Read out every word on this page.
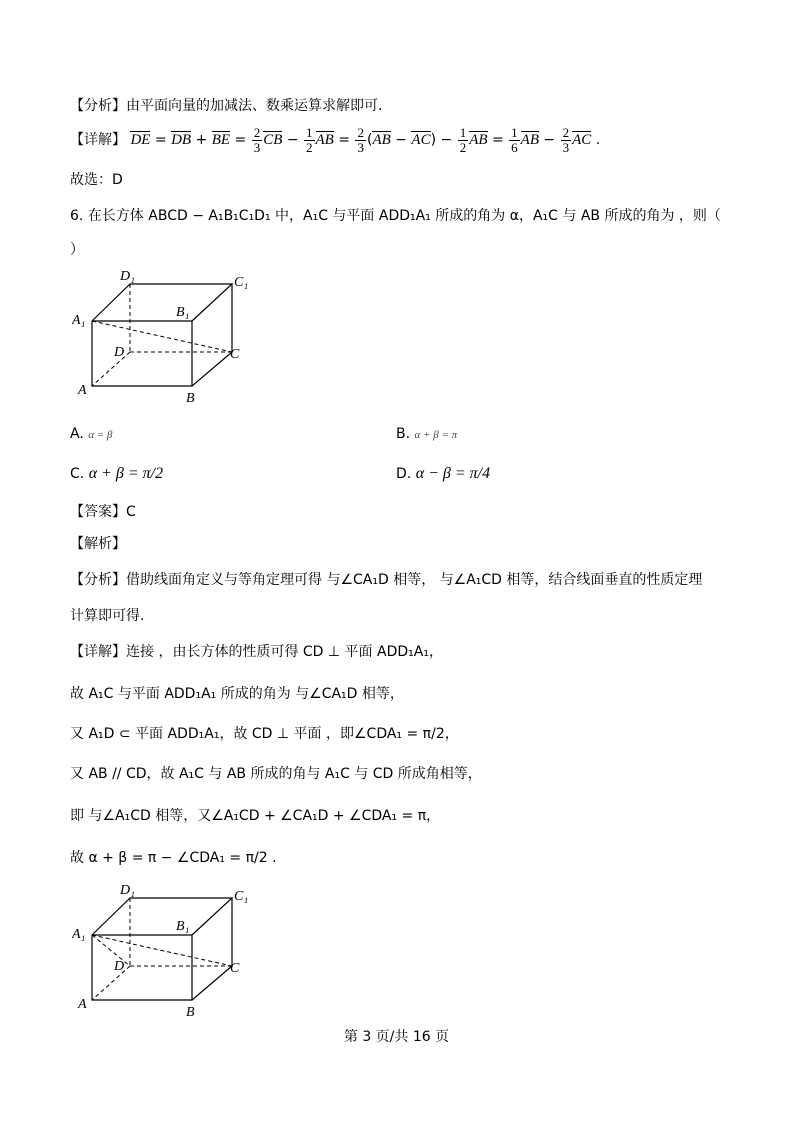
【分析】由平面向量的加减法、数乘运算求解即可.
【详解】 DE = DB + BE = $\frac{2}{3}$ CB − $\frac{1}{2}$ AB = $\frac{2}{3} (AB - AC) - \frac{1}{2}$ AB = $\frac{1}{6}$ AB − $\frac{2}{3}$ AC .
故选：D
6. 在长方体 ABCD − A₁B₁C₁D₁ 中，A₁C 与平面 ADD₁A₁ 所成的角为 α，A₁C 与 AB 所成的角为 ，则（
）
D₁	C₁
A₁
B₁
D	C
A
B
A. α = β	B. α + β = π
C. α + β = π/2	D. α − β = π/4
【答案】C
【解析】
【分析】借助线面角定义与等角定理可得 与∠CA₁D 相等， 与∠A₁CD 相等，结合线面垂直的性质定理
计算即可得.
【详解】连接 ，由长方体的性质可得 CD ⊥ 平面 ADD₁A₁，
故 A₁C 与平面 ADD₁A₁ 所成的角为 与∠CA₁D 相等，
又 A₁D ⊂ 平面 ADD₁A₁，故 CD ⊥ 平面 ，即∠CDA₁ = π/2，
又 AB // CD，故 A₁C 与 AB 所成的角与 A₁C 与 CD 所成角相等，
即 与∠A₁CD 相等，又∠A₁CD + ∠CA₁D + ∠CDA₁ = π，
故 α + β = π − ∠CDA₁ = π/2 .
D₁	C₁
A₁
B₁
D	C
A
B
第 3 页/共 16 页
